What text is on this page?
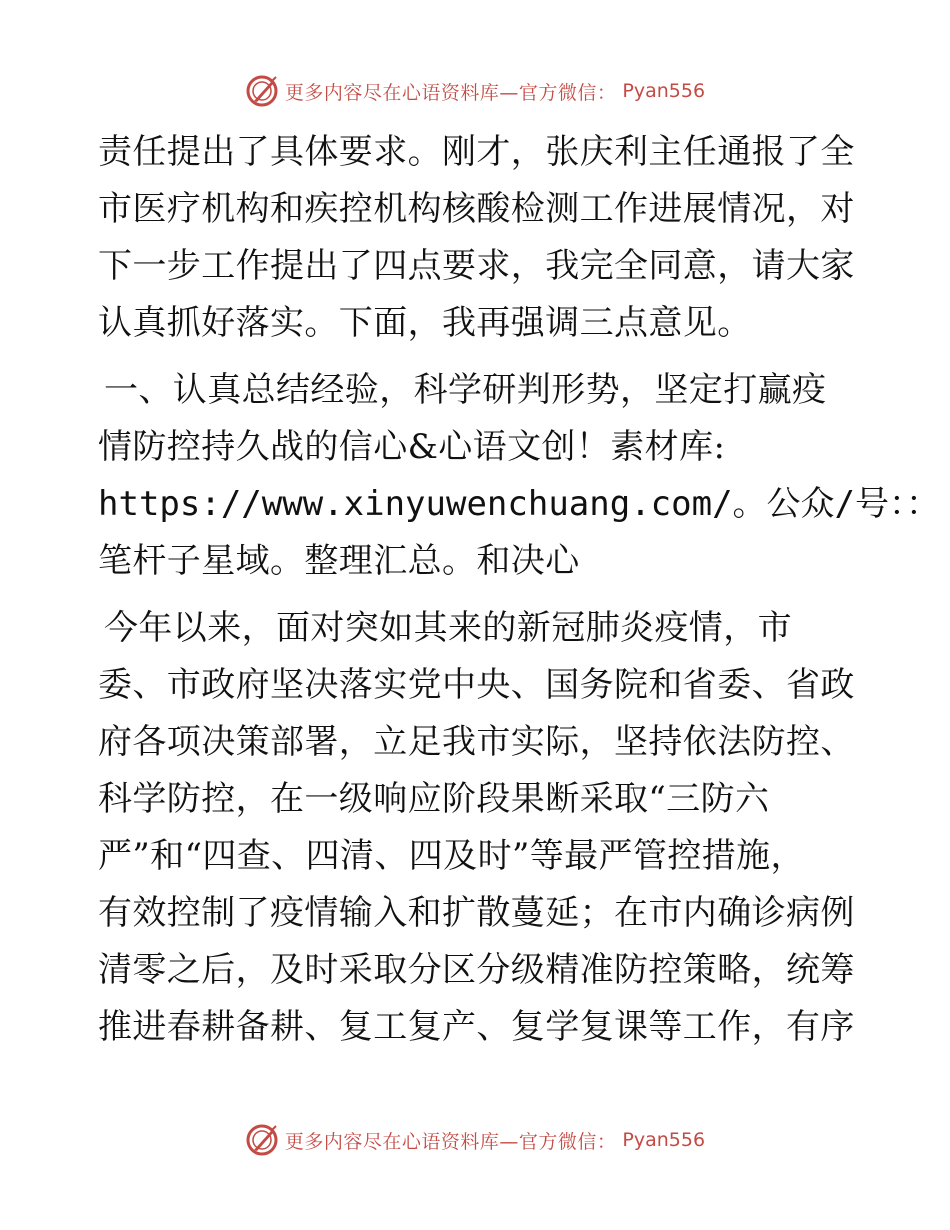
更多内容尽在心语资料库—官方微信： Pyan556
责任提出了具体要求。刚才，张庆利主任通报了全
市医疗机构和疾控机构核酸检测工作进展情况，对
下一步工作提出了四点要求，我完全同意，请大家
认真抓好落实。下面，我再强调三点意见。
一、认真总结经验，科学研判形势，坚定打赢疫
情防控持久战的信心&心语文创！素材库:
https://www.xinyuwenchuang.com/。公众/号：：
笔杆子星域。整理汇总。和决心
今年以来，面对突如其来的新冠肺炎疫情，市
委、市政府坚决落实党中央、国务院和省委、省政
府各项决策部署，立足我市实际，坚持依法防控、
科学防控，在一级响应阶段果断采取“三防六
严”和“四查、四清、四及时”等最严管控措施，
有效控制了疫情输入和扩散蔓延；在市内确诊病例
清零之后，及时采取分区分级精准防控策略，统筹
推进春耕备耕、复工复产、复学复课等工作，有序
更多内容尽在心语资料库—官方微信： Pyan556
